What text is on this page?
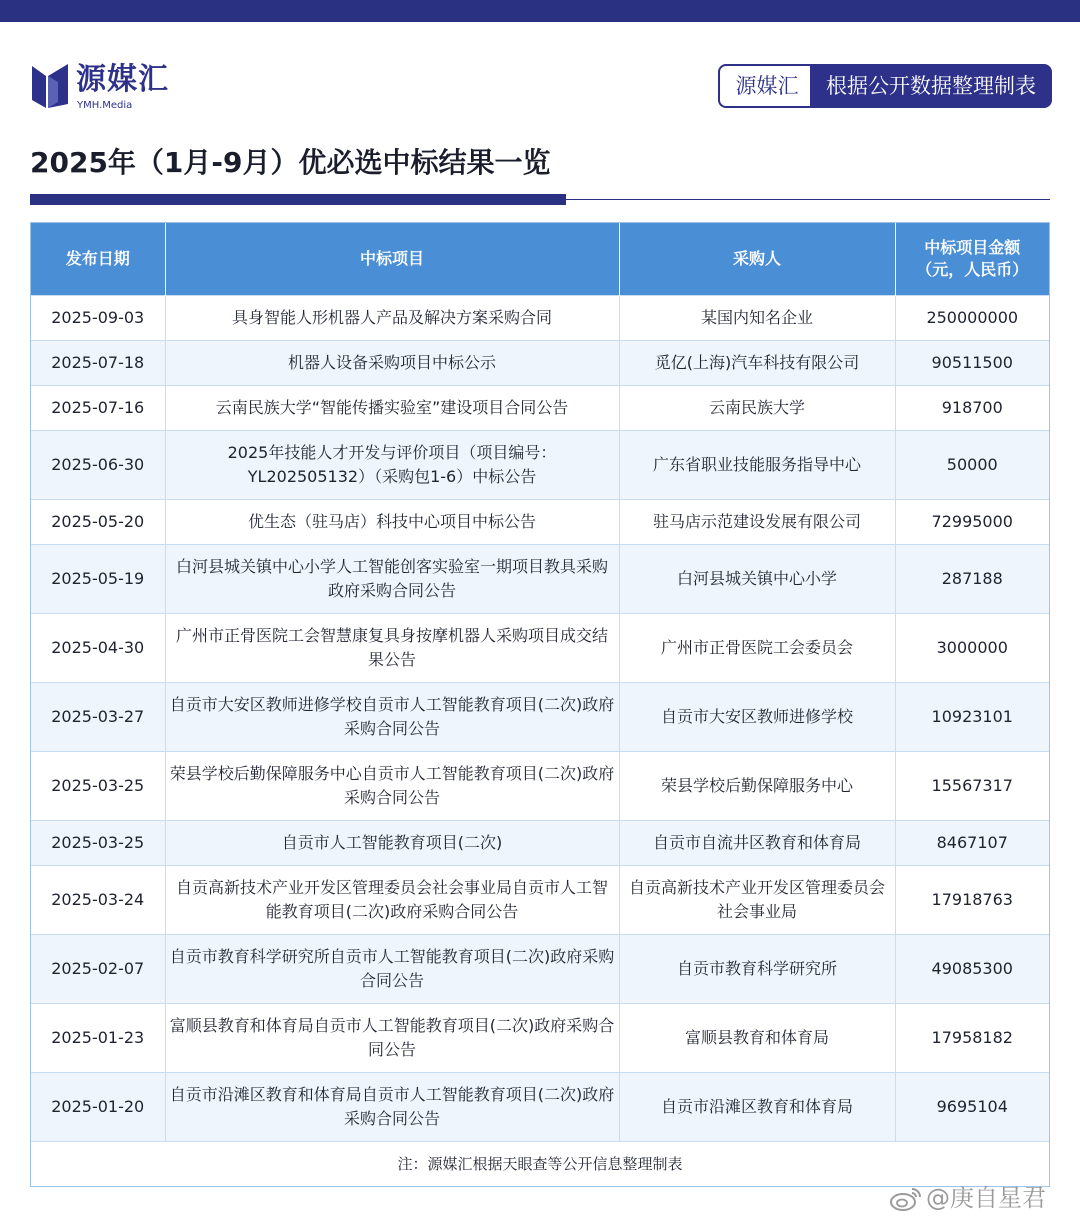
源媒汇
YMH.Media
源媒汇	根据公开数据整理制表
2025年（1月-9月）优必选中标结果一览
发布日期	中标项目	采购人	中标项目金额
（元，人民币）

2025-09-03	具身智能人形机器人产品及解决方案采购合同	某国内知名企业	250000000
2025-07-18	机器人设备采购项目中标公示	觅亿(上海)汽车科技有限公司	90511500
2025-07-16	云南民族大学“智能传播实验室”建设项目合同公告	云南民族大学	918700
2025-06-30	2025年技能人才开发与评价项目（项目编号：YL202505132）（采购包1-6）中标公告	广东省职业技能服务指导中心	50000
2025-05-20	优生态（驻马店）科技中心项目中标公告	驻马店示范建设发展有限公司	72995000
2025-05-19	白河县城关镇中心小学人工智能创客实验室一期项目教具采购政府采购合同公告	白河县城关镇中心小学	287188
2025-04-30	广州市正骨医院工会智慧康复具身按摩机器人采购项目成交结果公告	广州市正骨医院工会委员会	3000000
2025-03-27	自贡市大安区教师进修学校自贡市人工智能教育项目(二次)政府采购合同公告	自贡市大安区教师进修学校	10923101
2025-03-25	荣县学校后勤保障服务中心自贡市人工智能教育项目(二次)政府采购合同公告	荣县学校后勤保障服务中心	15567317
2025-03-25	自贡市人工智能教育项目(二次)	自贡市自流井区教育和体育局	8467107
2025-03-24	自贡高新技术产业开发区管理委员会社会事业局自贡市人工智能教育项目(二次)政府采购合同公告	自贡高新技术产业开发区管理委员会社会事业局	17918763
2025-02-07	自贡市教育科学研究所自贡市人工智能教育项目(二次)政府采购合同公告	自贡市教育科学研究所	49085300
2025-01-23	富顺县教育和体育局自贡市人工智能教育项目(二次)政府采购合同公告	富顺县教育和体育局	17958182
2025-01-20	自贡市沿滩区教育和体育局自贡市人工智能教育项目(二次)政府采购合同公告	自贡市沿滩区教育和体育局	9695104
注：源媒汇根据天眼查等公开信息整理制表			
@庚自星君
